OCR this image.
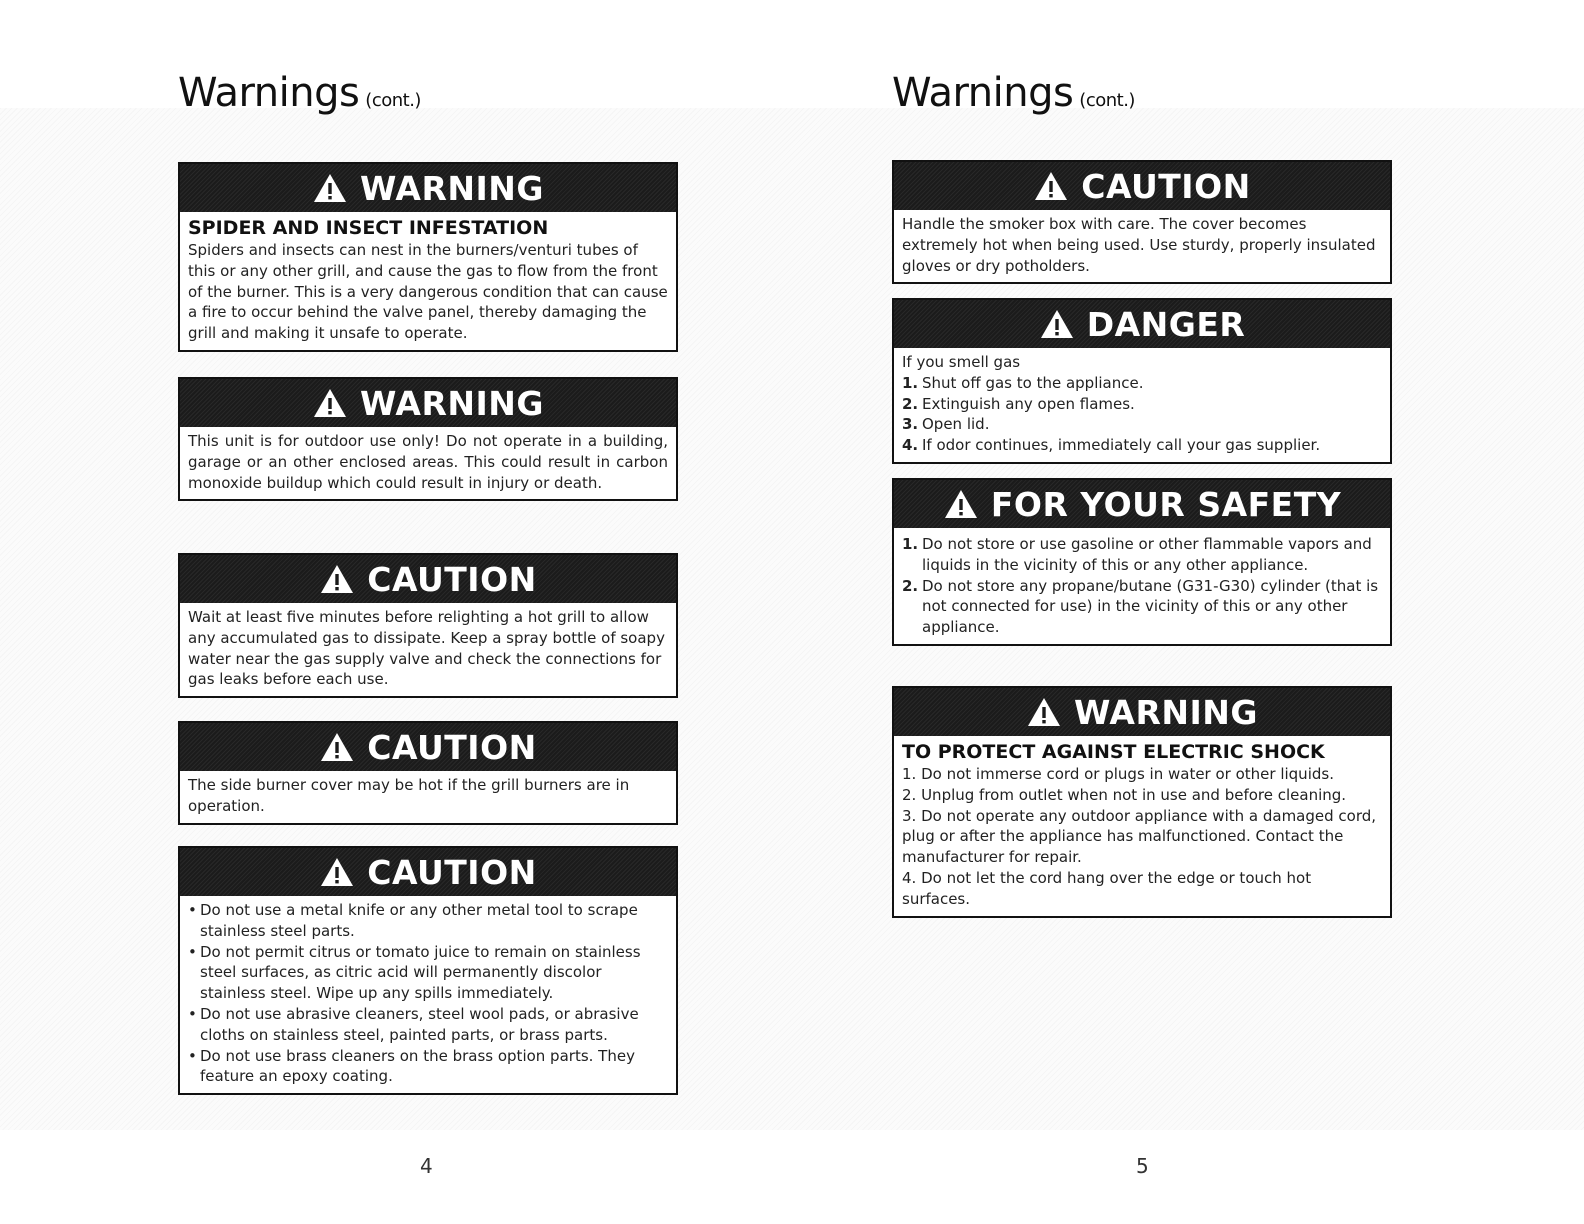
Warnings (cont.)
WARNING
SPIDER AND INSECT INFESTATION

Spiders and insects can nest in the burners/venturi tubes of this or any other grill, and cause the gas to flow from the front of the burner. This is a very dangerous condition that can cause a fire to occur behind the valve panel, thereby damaging the grill and making it unsafe to operate.

WARNING

This unit is for outdoor use only! Do not operate in a building, garage or an other enclosed areas. This could result in carbon monoxide buildup which could result in injury or death.

CAUTION

Wait at least five minutes before relighting a hot grill to allow any accumulated gas to dissipate. Keep a spray bottle of soapy water near the gas supply valve and check the connections for gas leaks before each use.

CAUTION

The side burner cover may be hot if the grill burners are in operation.

CAUTION
• Do not use a metal knife or any other metal tool to scrape stainless steel parts.
• Do not permit citrus or tomato juice to remain on stainless steel surfaces, as citric acid will permanently discolor stainless steel. Wipe up any spills immediately.
• Do not use abrasive cleaners, steel wool pads, or abrasive cloths on stainless steel, painted parts, or brass parts.
• Do not use brass cleaners on the brass option parts. They feature an epoxy coating.
4
Warnings (cont.)
CAUTION

Handle the smoker box with care. The cover becomes extremely hot when being used. Use sturdy, properly insulated gloves or dry potholders.

DANGER

If you smell gas

1. Shut off gas to the appliance.
2. Extinguish any open flames.
3. Open lid.
4. If odor continues, immediately call your gas supplier.
FOR YOUR SAFETY
1. Do not store or use gasoline or other flammable vapors and liquids in the vicinity of this or any other appliance.
2. Do not store any propane/butane (G31-G30) cylinder (that is not connected for use) in the vicinity of this or any other appliance.
WARNING
TO PROTECT AGAINST ELECTRIC SHOCK
1. Do not immerse cord or plugs in water or other liquids.
2. Unplug from outlet when not in use and before cleaning.
3. Do not operate any outdoor appliance with a damaged cord, plug or after the appliance has malfunctioned. Contact the manufacturer for repair.
4. Do not let the cord hang over the edge or touch hot surfaces.
5
